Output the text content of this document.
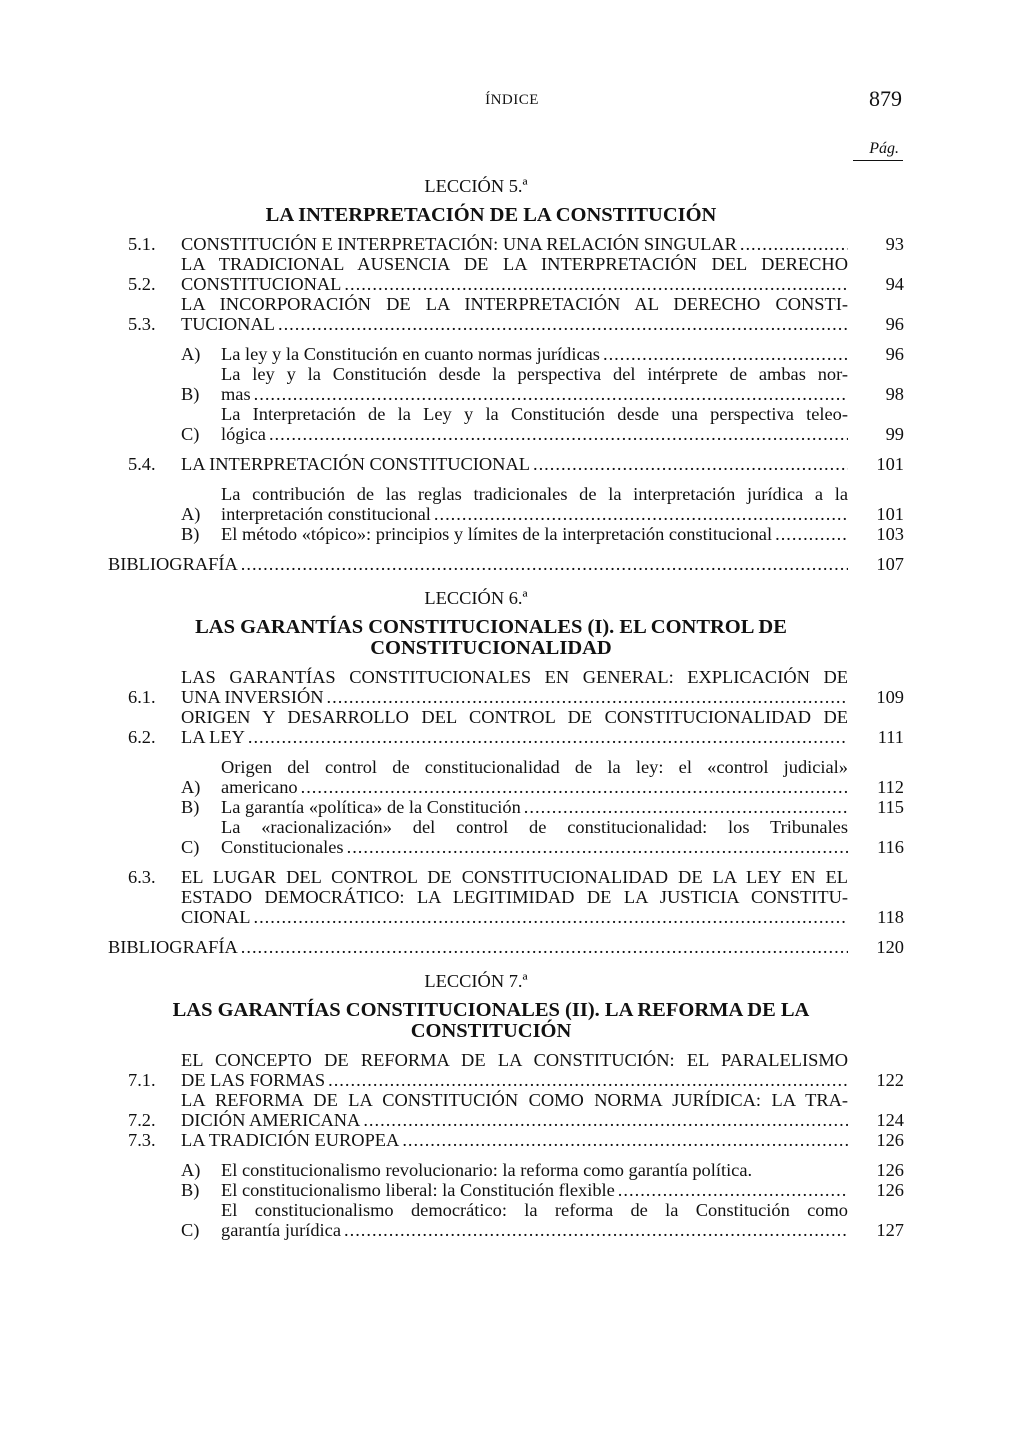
ÍNDICE	879
Pág.
LECCIÓN 5.ª
LA INTERPRETACIÓN DE LA CONSTITUCIÓN
5.1.	CONSTITUCIÓN E INTERPRETACIÓN: UNA RELACIÓN SINGULAR .....	93
5.2.
LA TRADICIONAL AUSENCIA DE LA INTERPRETACIÓN DEL DERECHO
CONSTITUCIONAL .....	94
5.3.
LA INCORPORACIÓN DE LA INTERPRETACIÓN AL DERECHO CONSTI-
TUCIONAL .....	96
A)	La ley y la Constitución en cuanto normas jurídicas .....	96
B)
La ley y la Constitución desde la perspectiva del intérprete de ambas nor-
mas .....	98
C)
La Interpretación de la Ley y la Constitución desde una perspectiva teleo-
lógica .....	99
5.4.	LA INTERPRETACIÓN CONSTITUCIONAL .....	101
A)
La contribución de las reglas tradicionales de la interpretación jurídica a la
interpretación constitucional .....	101
B)	El método «tópico»: principios y límites de la interpretación constitucional .....	103
BIBLIOGRAFÍA .....	107
LECCIÓN 6.ª
LAS GARANTÍAS CONSTITUCIONALES (I). EL CONTROL DE
CONSTITUCIONALIDAD
6.1.
LAS GARANTÍAS CONSTITUCIONALES EN GENERAL: EXPLICACIÓN DE
UNA INVERSIÓN .....	109
6.2.
ORIGEN Y DESARROLLO DEL CONTROL DE CONSTITUCIONALIDAD DE
LA LEY .....	111
A)
Origen del control de constitucionalidad de la ley: el «control judicial»
americano .....	112
B)	La garantía «política» de la Constitución .....	115
C)
La «racionalización» del control de constitucionalidad: los Tribunales
Constitucionales .....	116
6.3.	EL LUGAR DEL CONTROL DE CONSTITUCIONALIDAD DE LA LEY EN EL
ESTADO DEMOCRÁTICO: LA LEGITIMIDAD DE LA JUSTICIA CONSTITU-
CIONAL .....	118
BIBLIOGRAFÍA .....	120
LECCIÓN 7.ª
LAS GARANTÍAS CONSTITUCIONALES (II). LA REFORMA DE LA
CONSTITUCIÓN
7.1.
EL CONCEPTO DE REFORMA DE LA CONSTITUCIÓN: EL PARALELISMO
DE LAS FORMAS .....	122
7.2.
LA REFORMA DE LA CONSTITUCIÓN COMO NORMA JURÍDICA: LA TRA-
DICIÓN AMERICANA .....	124
7.3.	LA TRADICIÓN EUROPEA .....	126
A)	El constitucionalismo revolucionario: la reforma como garantía política.	126
B)	El constitucionalismo liberal: la Constitución flexible .....	126
C)
El constitucionalismo democrático: la reforma de la Constitución como
garantía jurídica .....	127
